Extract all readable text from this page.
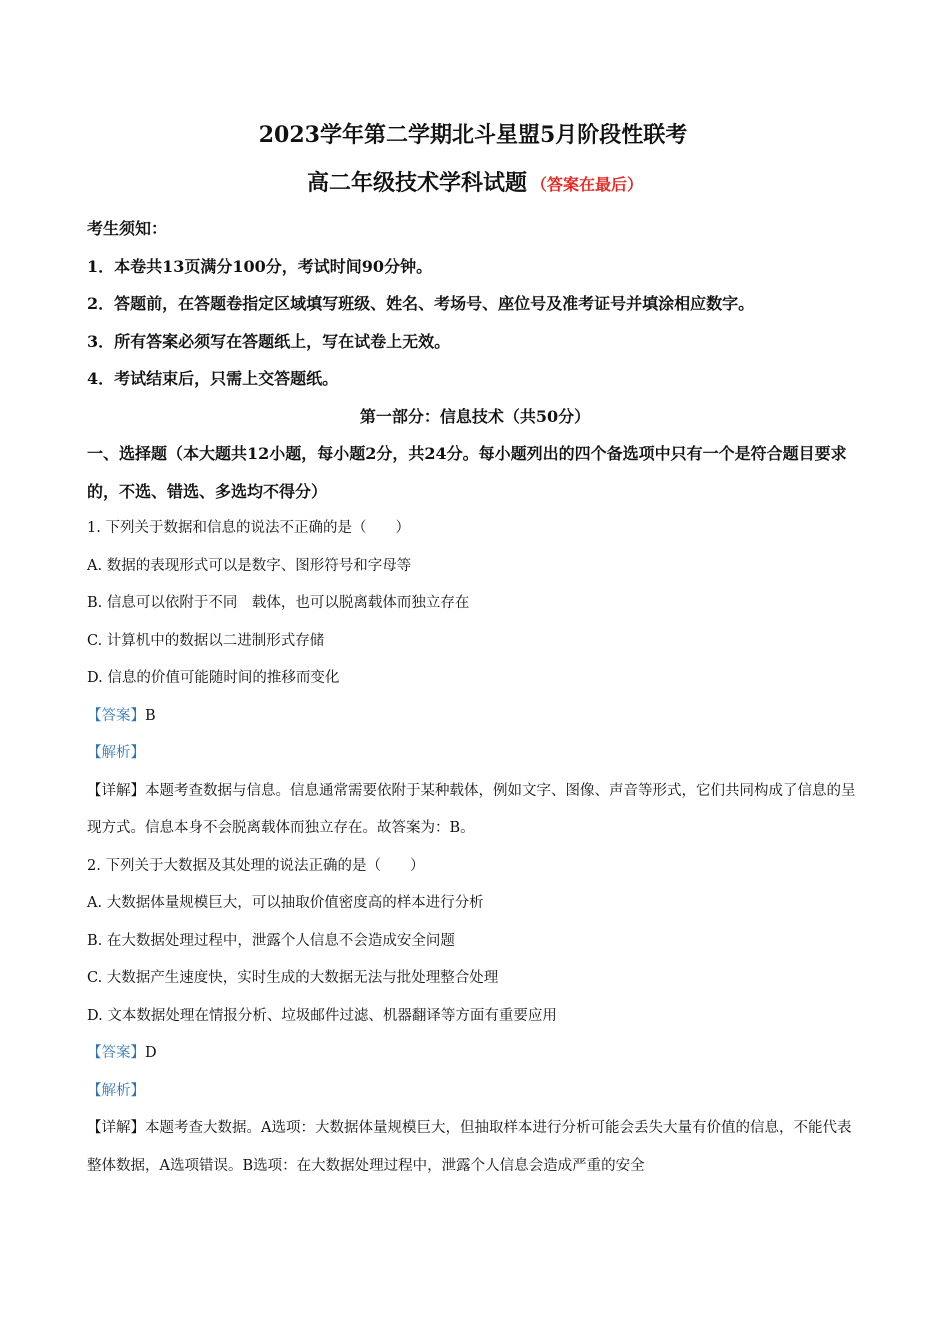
2023学年第二学期北斗星盟5月阶段性联考
高二年级技术学科试题 （答案在最后）
考生须知：
1．本卷共13页满分100分，考试时间90分钟。
2．答题前，在答题卷指定区域填写班级、姓名、考场号、座位号及准考证号并填涂相应数字。
3．所有答案必须写在答题纸上，写在试卷上无效。
4．考试结束后，只需上交答题纸。
第一部分：信息技术（共50分）
一、选择题（本大题共12小题，每小题2分，共24分。每小题列出的四个备选项中只有一个是符合题目要求的，不选、错选、多选均不得分）
1. 下列关于数据和信息的说法不正确的是（　　）
A. 数据的表现形式可以是数字、图形符号和字母等
B. 信息可以依附于不同　载体，也可以脱离载体而独立存在
C. 计算机中的数据以二进制形式存储
D. 信息的价值可能随时间的推移而变化
【答案】B
【解析】
【详解】本题考查数据与信息。信息通常需要依附于某种载体，例如文字、图像、声音等形式，它们共同构成了信息的呈现方式。信息本身不会脱离载体而独立存在。故答案为：B。
2. 下列关于大数据及其处理的说法正确的是（　　）
A. 大数据体量规模巨大，可以抽取价值密度高的样本进行分析
B. 在大数据处理过程中，泄露个人信息不会造成安全问题
C. 大数据产生速度快，实时生成的大数据无法与批处理整合处理
D. 文本数据处理在情报分析、垃圾邮件过滤、机器翻译等方面有重要应用
【答案】D
【解析】
【详解】本题考查大数据。A选项：大数据体量规模巨大，但抽取样本进行分析可能会丢失大量有价值的信息，不能代表整体数据，A选项错误。B选项：在大数据处理过程中，泄露个人信息会造成严重的安全
